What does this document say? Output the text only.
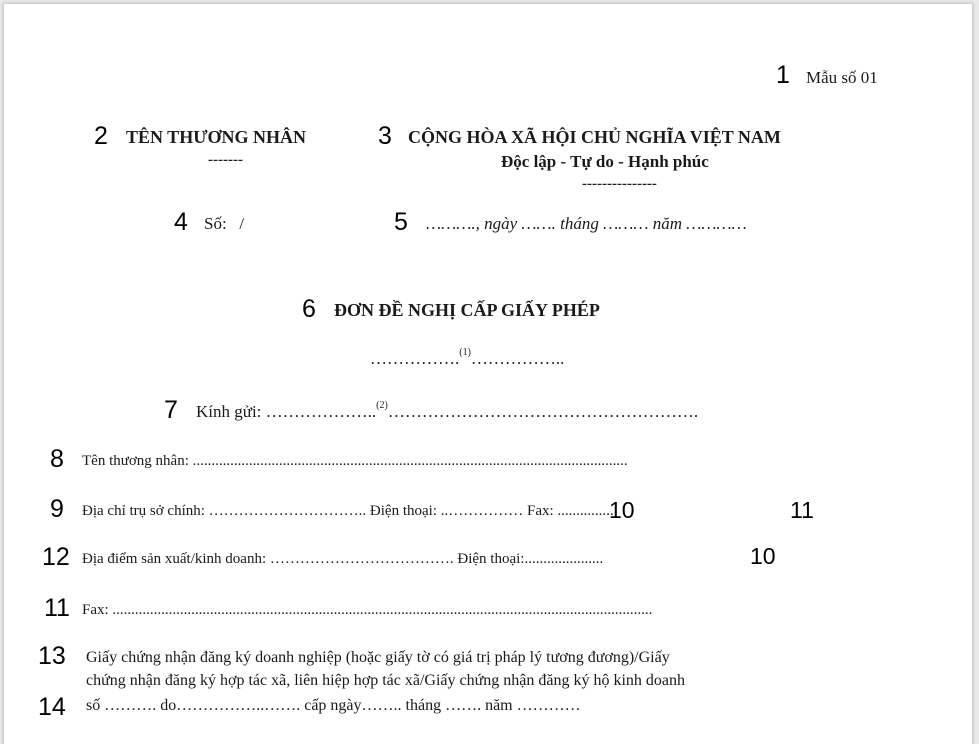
1 Mẫu số 01
2 TÊN THƯƠNG NHÂN
-------
3 CỘNG HÒA XÃ HỘI CHỦ NGHĨA VIỆT NAM
Độc lập - Tự do - Hạnh phúc
---------------
4 Số:   /	5 ………., ngày ……. tháng ……… năm …………
6 ĐƠN ĐỀ NGHỊ CẤP GIẤY PHÉP
…………….$^{(1)}$……………..
7 Kính gửi: ………………..$^{(2)}$……………………………………………….
8 Tên thương nhân: ....................................................................................................................
9 Địa chỉ trụ sở chính: ………………………….. Điện thoại: ..…………… Fax: ...............
10	11
12 Địa điểm sản xuất/kinh doanh: ………………………………. Điện thoại:.....................	10
11 Fax: ................................................................................................................................................
13 Giấy chứng nhận đăng ký doanh nghiệp (hoặc giấy tờ có giá trị pháp lý tương đương)/Giấy
chứng nhận đăng ký hợp tác xã, liên hiệp hợp tác xã/Giấy chứng nhận đăng ký hộ kinh doanh
14 số ………. do……………..……. cấp ngày…….. tháng ……. năm …………
